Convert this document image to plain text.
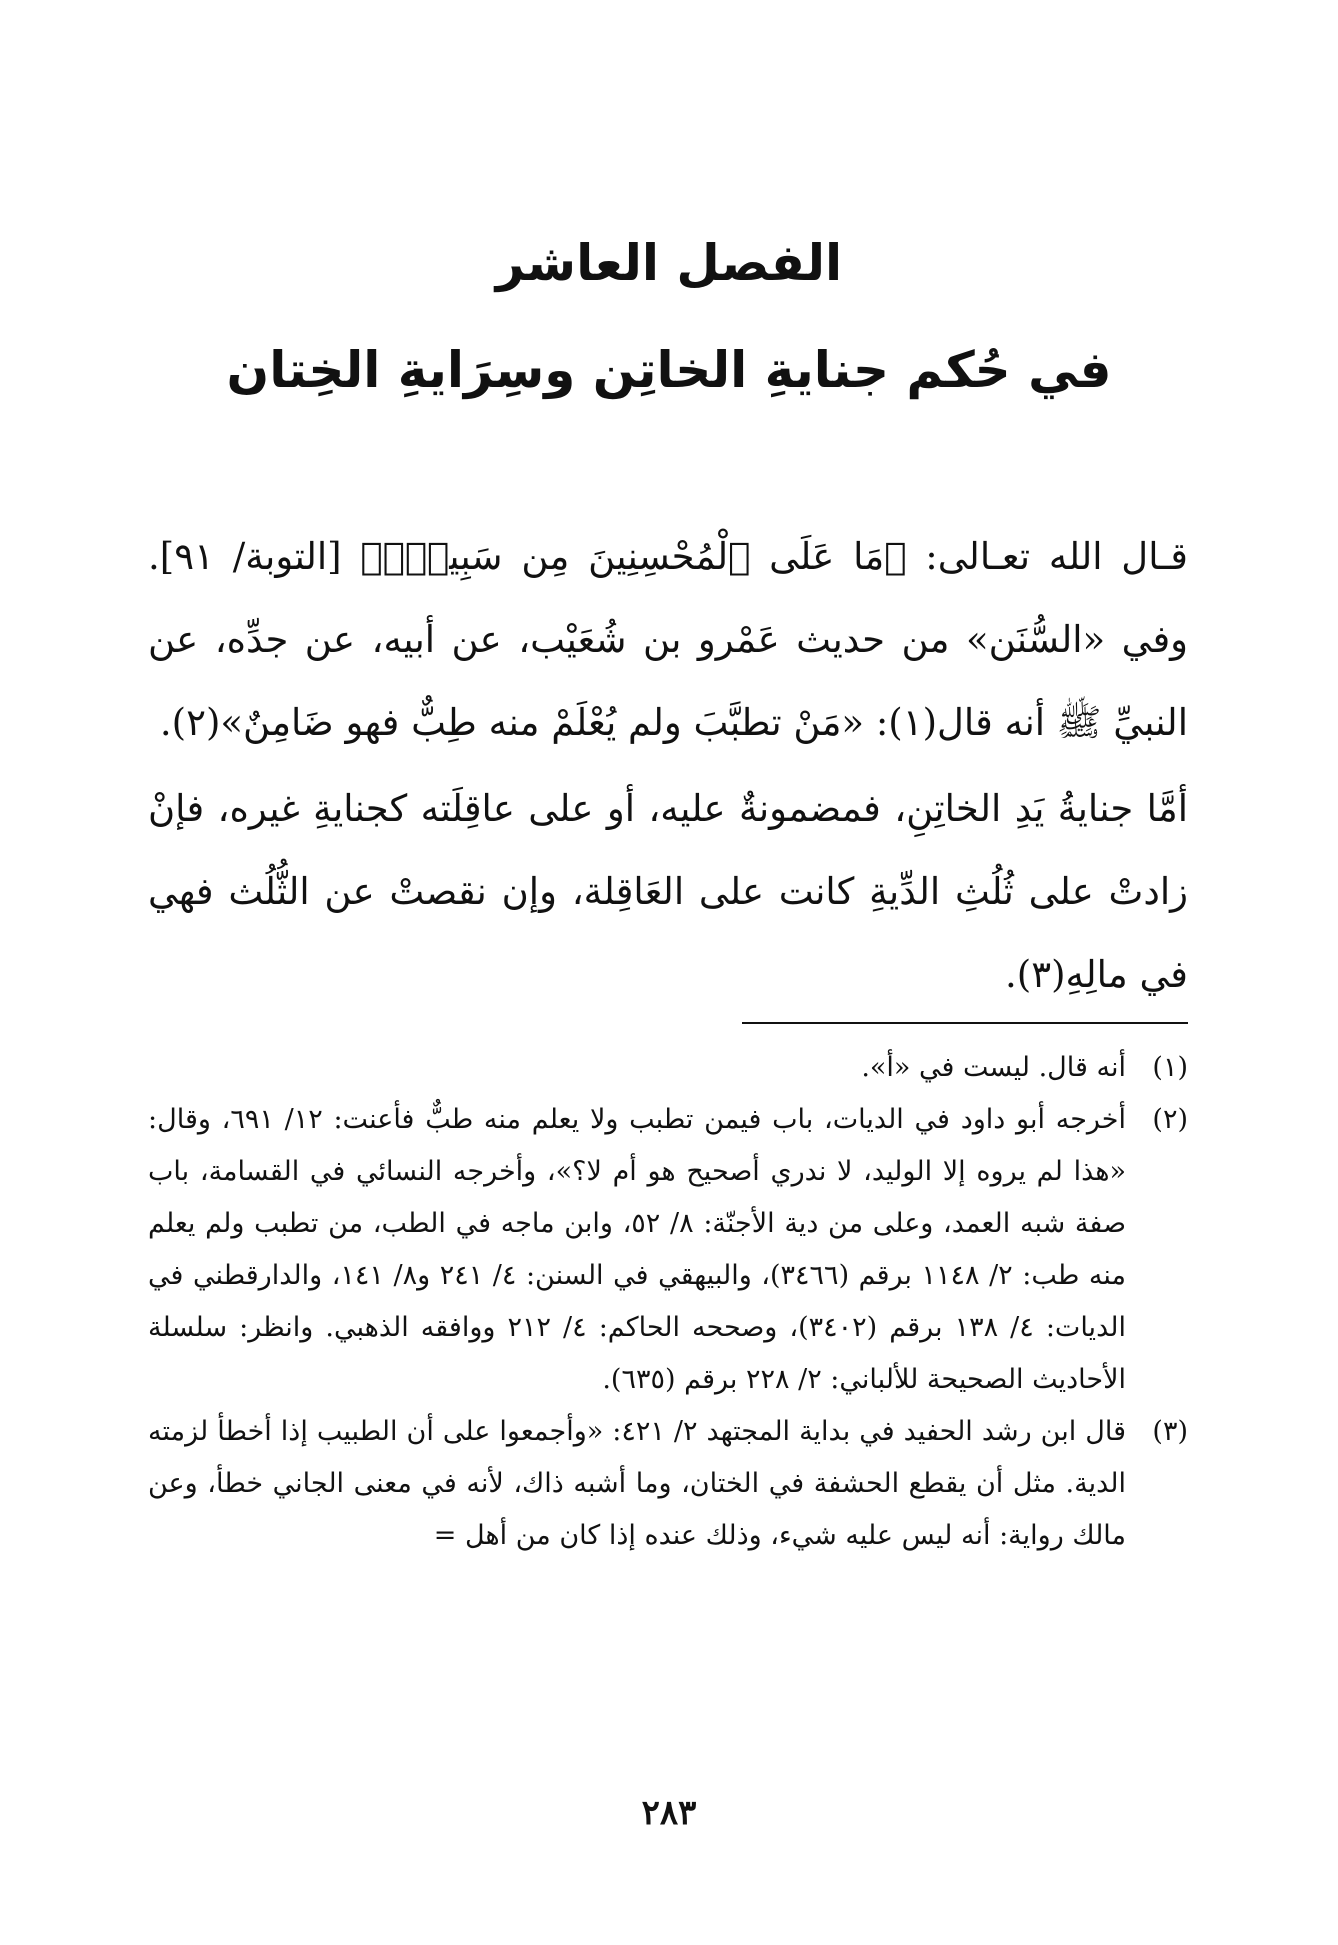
الفصل العاشر
في حُكم جنايةِ الخاتِن وسِرَايةِ الخِتان

قـال الله تعـالى: ﴿مَا عَلَى ٱلْمُحْسِنِينَ مِن سَبِيلٍۚ﴾ [التوبة/ ٩١]. وفي «السُّنَن» من حديث عَمْرو بن شُعَيْب، عن أبيه، عن جدِّه، عن النبيِّ ﷺ أنه قال(١): «مَنْ تطبَّبَ ولم يُعْلَمْ منه طِبٌّ فهو ضَامِنٌ»(٢).

أمَّا جنايةُ يَدِ الخاتِنِ، فمضمونةٌ عليه، أو على عاقِلَته كجنايةِ غيره، فإنْ زادتْ على ثُلُثِ الدِّيةِ كانت على العَاقِلة، وإن نقصتْ عن الثُّلُث فهي في مالِهِ(٣).

(١)
أنه قال. ليست في «أ».
(٢)
أخرجه أبو داود في الديات، باب فيمن تطبب ولا يعلم منه طبٌّ فأعنت: ١٢/ ٦٩١، وقال: «هذا لم يروه إلا الوليد، لا ندري أصحيح هو أم لا؟»، وأخرجه النسائي في القسامة، باب صفة شبه العمد، وعلى من دية الأجنّة: ٨/ ٥٢، وابن ماجه في الطب، من تطبب ولم يعلم منه طب: ٢/ ١١٤٨ برقم (٣٤٦٦)، والبيهقي في السنن: ٤/ ٢٤١ و٨/ ١٤١، والدارقطني في الديات: ٤/ ١٣٨ برقم (٣٤٠٢)، وصححه الحاكم: ٤/ ٢١٢ ووافقه الذهبي. وانظر: سلسلة الأحاديث الصحيحة للألباني: ٢/ ٢٢٨ برقم (٦٣٥).
(٣)
قال ابن رشد الحفيد في بداية المجتهد ٢/ ٤٢١: «وأجمعوا على أن الطبيب إذا أخطأ لزمته الدية. مثل أن يقطع الحشفة في الختان، وما أشبه ذاك، لأنه في معنى الجاني خطأ، وعن مالك رواية: أنه ليس عليه شيء، وذلك عنده إذا كان من أهل =
٢٨٣
